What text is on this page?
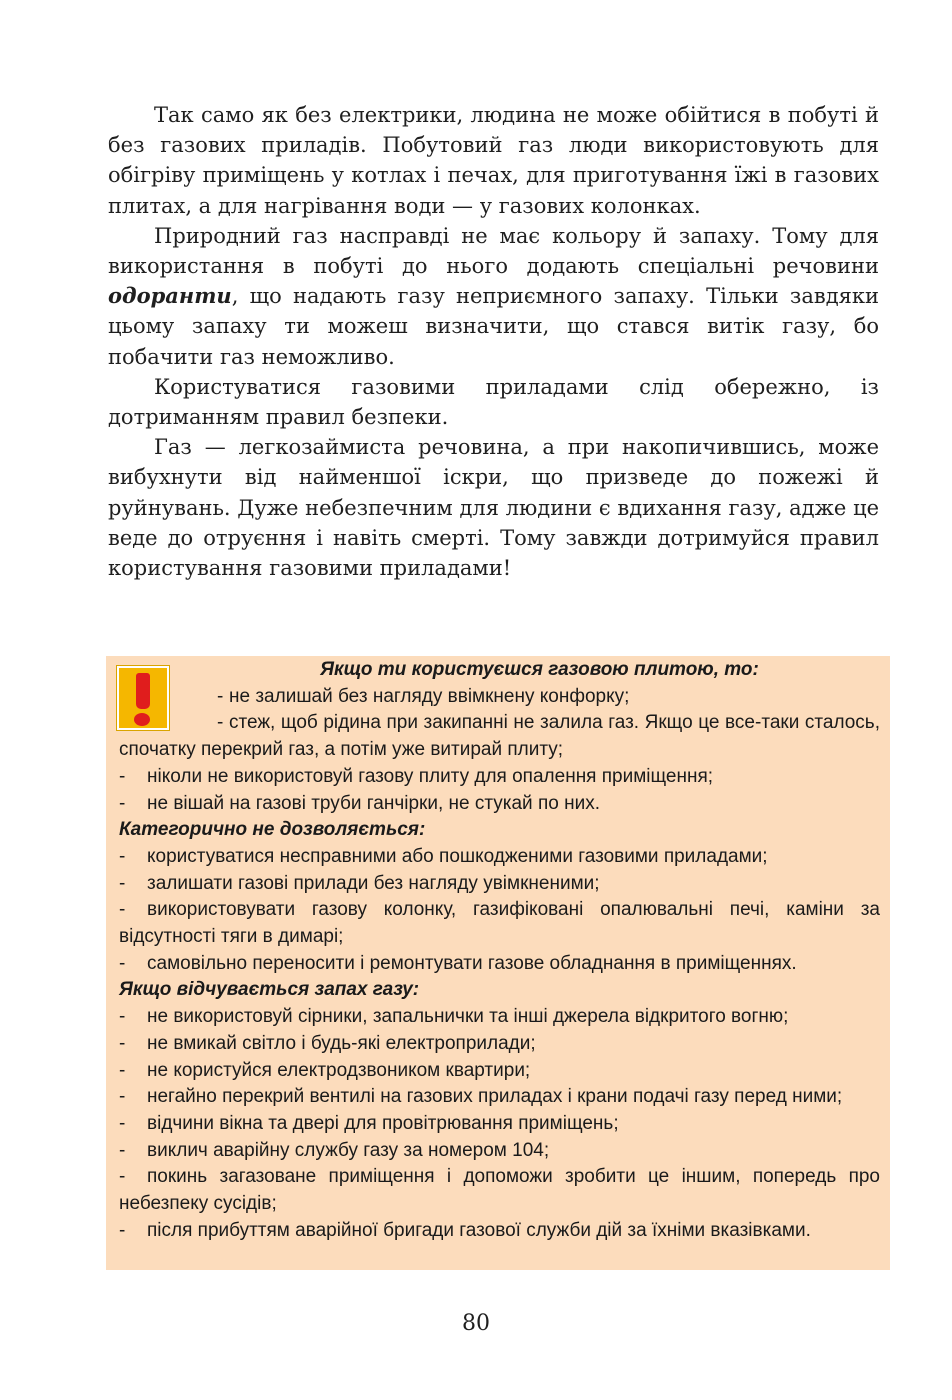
Так само як без електрики, людина не може обійтися в побуті й без газових приладів. Побутовий газ люди використовують для обігріву приміщень у котлах і печах, для приготування їжі в газових плитах, а для нагрівання води — у газових колонках.

Природний газ насправді не має кольору й запаху. Тому для використання в побуті до нього додають спеціальні речовини одоранти, що надають газу неприємного запаху. Тільки завдяки цьому запаху ти можеш визначити, що стався витік газу, бо побачити газ неможливо.

Користуватися газовими приладами слід обережно, із дотриманням правил безпеки.

Газ — легкозаймиста речовина, а при накопичившись, може вибухнути від найменшої іскри, що призведе до пожежі й руйнувань. Дуже небезпечним для людини є вдихання газу, адже це веде до отруєння і навіть смерті. Тому завжди дотримуйся правил користування газовими приладами!

Якщо ти користуєшся газовою плитою, то:

- не залишай без нагляду ввімкнену конфорку;

- стеж, щоб рідина при закипанні не залила газ. Якщо це все-таки сталось, спочатку перекрий газ, а потім уже витирай плиту;

- ніколи не використовуй газову плиту для опалення приміщення;

- не вішай на газові труби ганчірки, не стукай по них.

Категорично не дозволяється:

- користуватися несправними або пошкодженими газовими приладами;

- залишати газові прилади без нагляду увімкненими;

- використовувати газову колонку, газифіковані опалювальні печі, каміни за відсутності тяги в димарі;

- самовільно переносити і ремонтувати газове обладнання в приміщеннях.

Якщо відчувається запах газу:

- не використовуй сірники, запальнички та інші джерела відкритого вогню;

- не вмикай світло і будь-які електроприлади;

- не користуйся електродзвоником квартири;

- негайно перекрий вентилі на газових приладах і крани подачі газу перед ними;

- відчини вікна та двері для провітрювання приміщень;

- виклич аварійну службу газу за номером 104;

- покинь загазоване приміщення і допоможи зробити це іншим, попередь про небезпеку сусідів;

- після прибуттям аварійної бригади газової служби дій за їхніми вказівками.

80
